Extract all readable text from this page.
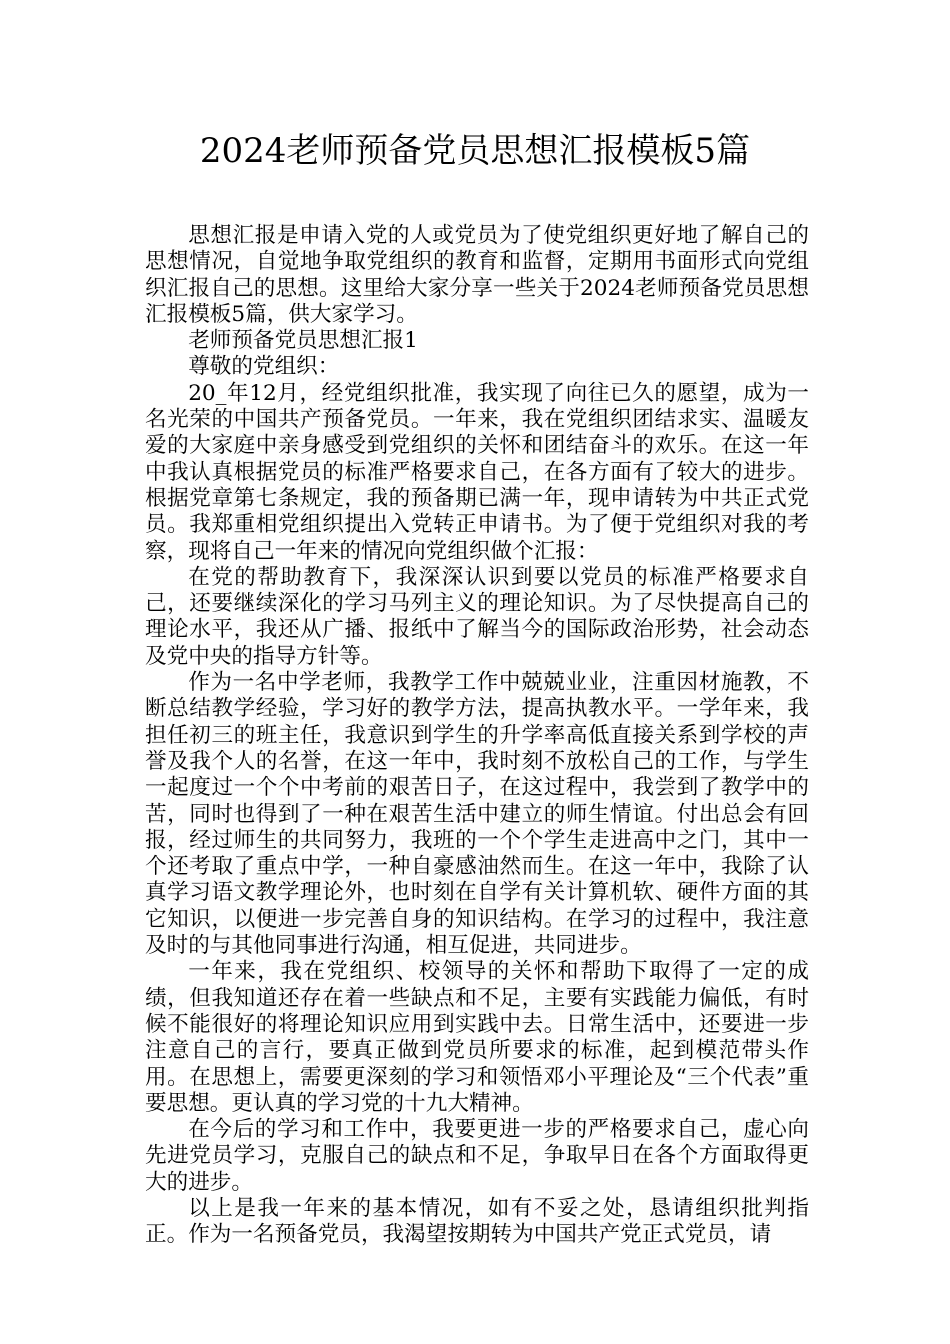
2024老师预备党员思想汇报模板5篇

思想汇报是申请入党的人或党员为了使党组织更好地了解自己的思想情况，自觉地争取党组织的教育和监督，定期用书面形式向党组织汇报自己的思想。这里给大家分享一些关于2024老师预备党员思想汇报模板5篇，供大家学习。

老师预备党员思想汇报1

尊敬的党组织：

20_年12月，经党组织批准，我实现了向往已久的愿望，成为一名光荣的中国共产预备党员。一年来，我在党组织团结求实、温暖友爱的大家庭中亲身感受到党组织的关怀和团结奋斗的欢乐。在这一年中我认真根据党员的标准严格要求自己，在各方面有了较大的进步。根据党章第七条规定，我的预备期已满一年，现申请转为中共正式党员。我郑重相党组织提出入党转正申请书。为了便于党组织对我的考察，现将自己一年来的情况向党组织做个汇报：

在党的帮助教育下，我深深认识到要以党员的标准严格要求自己，还要继续深化的学习马列主义的理论知识。为了尽快提高自己的理论水平，我还从广播、报纸中了解当今的国际政治形势，社会动态及党中央的指导方针等。

作为一名中学老师，我教学工作中兢兢业业，注重因材施教，不断总结教学经验，学习好的教学方法，提高执教水平。一学年来，我担任初三的班主任，我意识到学生的升学率高低直接关系到学校的声誉及我个人的名誉，在这一年中，我时刻不放松自己的工作，与学生一起度过一个个中考前的艰苦日子，在这过程中，我尝到了教学中的苦，同时也得到了一种在艰苦生活中建立的师生情谊。付出总会有回报，经过师生的共同努力，我班的一个个学生走进高中之门，其中一个还考取了重点中学，一种自豪感油然而生。在这一年中，我除了认真学习语文教学理论外，也时刻在自学有关计算机软、硬件方面的其它知识，以便进一步完善自身的知识结构。在学习的过程中，我注意及时的与其他同事进行沟通，相互促进，共同进步。

一年来，我在党组织、校领导的关怀和帮助下取得了一定的成绩，但我知道还存在着一些缺点和不足，主要有实践能力偏低，有时候不能很好的将理论知识应用到实践中去。日常生活中，还要进一步注意自己的言行，要真正做到党员所要求的标准，起到模范带头作用。在思想上，需要更深刻的学习和领悟邓小平理论及“三个代表”重要思想。更认真的学习党的十九大精神。

在今后的学习和工作中，我要更进一步的严格要求自己，虚心向先进党员学习，克服自己的缺点和不足，争取早日在各个方面取得更大的进步。

以上是我一年来的基本情况，如有不妥之处，恳请组织批判指正。作为一名预备党员，我渴望按期转为中国共产党正式党员，请
